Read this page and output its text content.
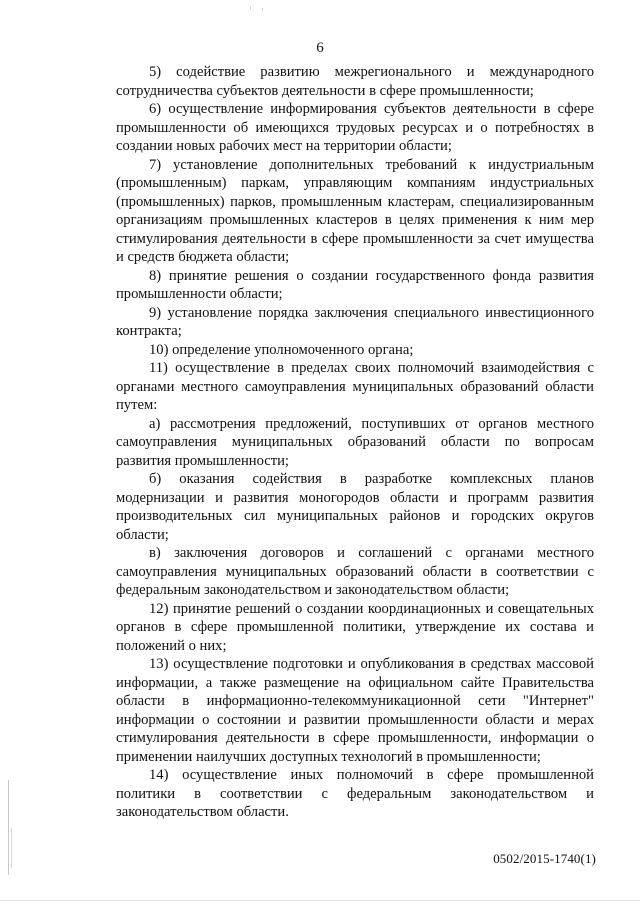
6

5) содействие развитию межрегионального и международного сотрудничества субъектов деятельности в сфере промышленности;

6) осуществление информирования субъектов деятельности в сфере промышленности об имеющихся трудовых ресурсах и о потребностях в создании новых рабочих мест на территории области;

7) установление дополнительных требований к индустриальным (промышленным) паркам, управляющим компаниям индустриальных (промышленных) парков, промышленным кластерам, специализированным организациям промышленных кластеров в целях применения к ним мер стимулирования деятельности в сфере промышленности за счет имущества и средств бюджета области;

8) принятие решения о создании государственного фонда развития промышленности области;

9) установление порядка заключения специального инвестиционного контракта;

10) определение уполномоченного органа;

11) осуществление в пределах своих полномочий взаимодействия с органами местного самоуправления муниципальных образований области путем:

а) рассмотрения предложений, поступивших от органов местного самоуправления муниципальных образований области по вопросам развития промышленности;

б) оказания содействия в разработке комплексных планов модернизации и развития моногородов области и программ развития производительных сил муниципальных районов и городских округов области;

в) заключения договоров и соглашений с органами местного самоуправления муниципальных образований области в соответствии с федеральным законодательством и законодательством области;

12) принятие решений о создании координационных и совещательных органов в сфере промышленной политики, утверждение их состава и положений о них;

13) осуществление подготовки и опубликования в средствах массовой информации, а также размещение на официальном сайте Правительства области в информационно-телекоммуникационной сети "Интернет" информации о состоянии и развитии промышленности области и мерах стимулирования деятельности в сфере промышленности, информации о применении наилучших доступных технологий в промышленности;

14) осуществление иных полномочий в сфере промышленной политики в соответствии с федеральным законодательством и законодательством области.

0502/2015-1740(1)
